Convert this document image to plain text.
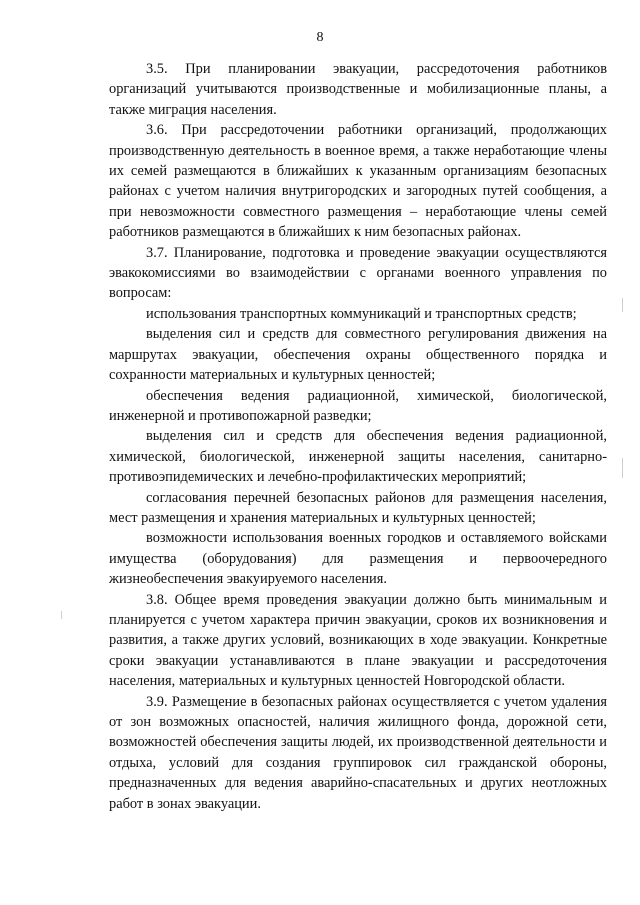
8

3.5. При планировании эвакуации, рассредоточения работников организаций учитываются производственные и мобилизационные планы, а также миграция населения.

3.6. При рассредоточении работники организаций, продолжающих производственную деятельность в военное время, а также неработающие члены их семей размещаются в ближайших к указанным организациям безопасных районах с учетом наличия внутригородских и загородных путей сообщения, а при невозможности совместного размещения – неработающие члены семей работников размещаются в ближайших к ним безопасных районах.

3.7. Планирование, подготовка и проведение эвакуации осуществляются эвакокомиссиями во взаимодействии с органами военного управления по вопросам:

использования транспортных коммуникаций и транспортных средств;

выделения сил и средств для совместного регулирования движения на маршрутах эвакуации, обеспечения охраны общественного порядка и сохранности материальных и культурных ценностей;

обеспечения ведения радиационной, химической, биологической, инженерной и противопожарной разведки;

выделения сил и средств для обеспечения ведения радиационной, химической, биологической, инженерной защиты населения, санитарно-противоэпидемических и лечебно-профилактических мероприятий;

согласования перечней безопасных районов для размещения населения, мест размещения и хранения материальных и культурных ценностей;

возможности использования военных городков и оставляемого войсками имущества (оборудования) для размещения и первоочередного жизнеобеспечения эвакуируемого населения.

3.8. Общее время проведения эвакуации должно быть минимальным и планируется с учетом характера причин эвакуации, сроков их возникновения и развития, а также других условий, возникающих в ходе эвакуации. Конкретные сроки эвакуации устанавливаются в плане эвакуации и рассредоточения населения, материальных и культурных ценностей Новгородской области.

3.9. Размещение в безопасных районах осуществляется с учетом удаления от зон возможных опасностей, наличия жилищного фонда, дорожной сети, возможностей обеспечения защиты людей, их производственной деятельности и отдыха, условий для создания группировок сил гражданской обороны, предназначенных для ведения аварийно-спасательных и других неотложных работ в зонах эвакуации.
